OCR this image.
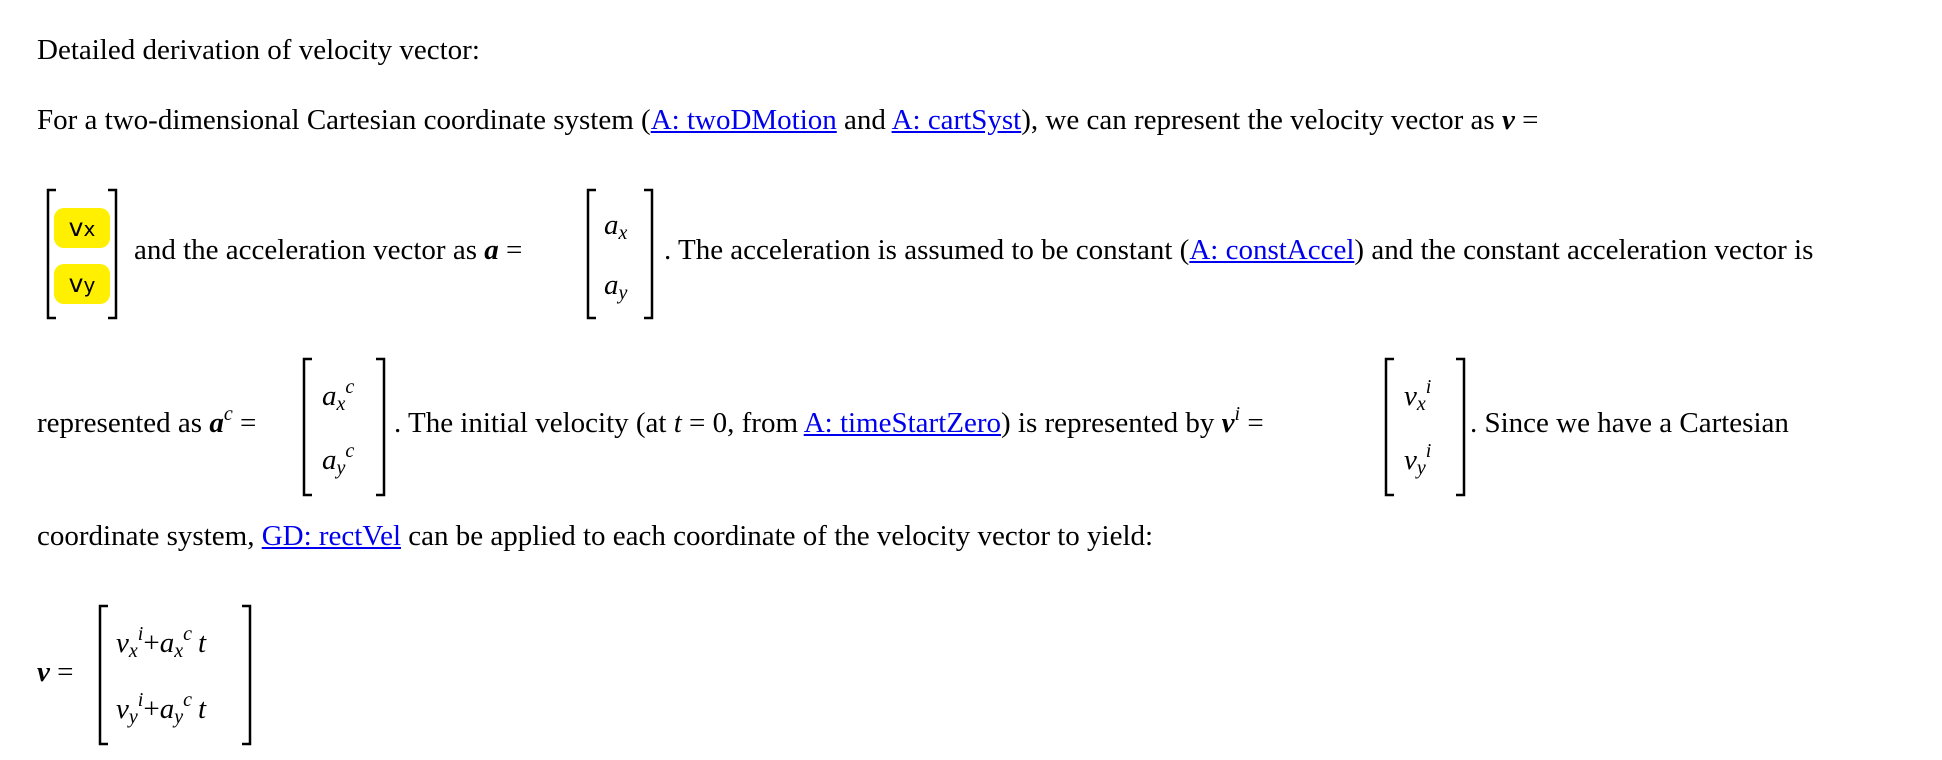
Detailed derivation of velocity vector:
For a two-dimensional Cartesian coordinate system (A: twoDMotion and A: cartSyst), we can represent the velocity vector as v =
vx
vy
and the acceleration vector as a =
$a_x$
$a_y$
. The acceleration is assumed to be constant (A: constAccel) and the constant acceleration vector is
represented as $a^c$ =
$a_x^c$
$a_y^c$
. The initial velocity (at t = 0, from A: timeStartZero) is represented by $v^i$ =
$v_x^i$
$v_y^i$
. Since we have a Cartesian
coordinate system, GD: rectVel can be applied to each coordinate of the velocity vector to yield:
v =
$v_x^i+a_x^c$ t
$v_y^i+a_y^c$ t
